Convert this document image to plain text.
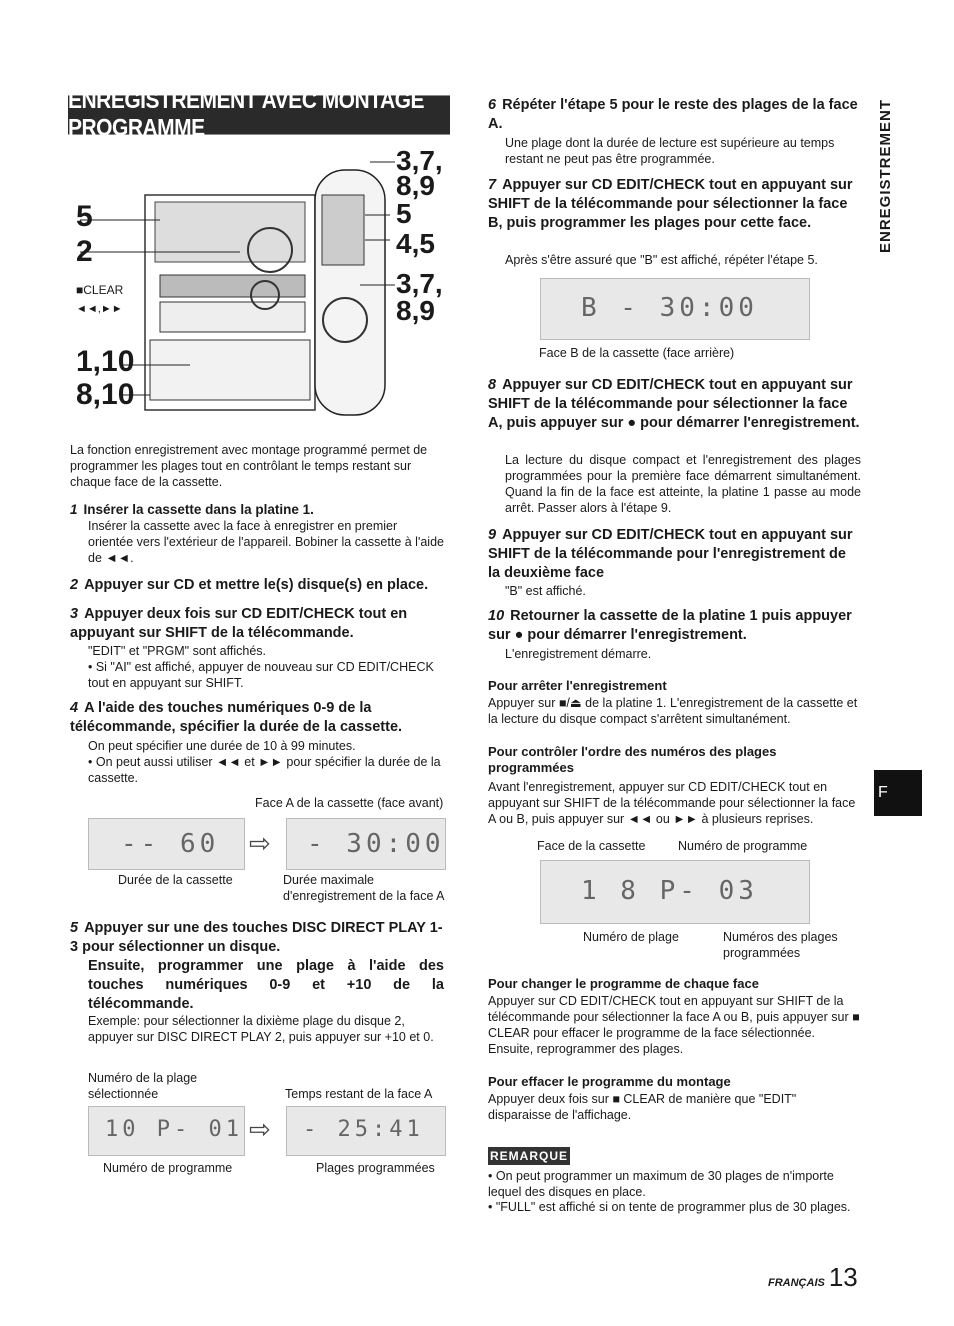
ENREGISTREMENT AVEC MONTAGE PROGRAMME
5
2
■CLEAR
◄◄,►►
1,10
8,10
3,7,
8,9
5
4,5
3,7,
8,9
La fonction enregistrement avec montage programmé permet de programmer les plages tout en contrôlant le temps restant sur chaque face de la cassette.
1 Insérer la cassette dans la platine 1.
Insérer la cassette avec la face à enregistrer en premier orientée vers l'extérieur de l'appareil. Bobiner la cassette à l'aide de ◄◄.
2 Appuyer sur CD et mettre le(s) disque(s) en place.
3 Appuyer deux fois sur CD EDIT/CHECK tout en appuyant sur SHIFT de la télécommande.
"EDIT" et "PRGM" sont affichés.
• Si "AI" est affiché, appuyer de nouveau sur CD EDIT/CHECK tout en appuyant sur SHIFT.
4 A l'aide des touches numériques 0-9 de la télécommande, spécifier la durée de la cassette.
On peut spécifier une durée de 10 à 99 minutes.
• On peut aussi utiliser ◄◄ et ►► pour spécifier la durée de la cassette.
Face A de la cassette (face avant)
-- 60 ⇨ - 30:00
Durée de la cassette	Durée maximale d'enregistrement de la face A
5 Appuyer sur une des touches DISC DIRECT PLAY 1-3 pour sélectionner un disque.
Ensuite, programmer une plage à l'aide des touches numériques 0-9 et +10 de la télécommande.
Exemple: pour sélectionner la dixième plage du disque 2, appuyer sur DISC DIRECT PLAY 2, puis appuyer sur +10 et 0.
Numéro de la plage sélectionnée	Temps restant de la face A
10 P- 01 ⇨ - 25:41
Numéro de programme	Plages programmées
6 Répéter l'étape 5 pour le reste des plages de la face A.
Une plage dont la durée de lecture est supérieure au temps restant ne peut pas être programmée.
7 Appuyer sur CD EDIT/CHECK tout en appuyant sur SHIFT de la télécommande pour sélectionner la face B, puis programmer les plages pour cette face.
Après s'être assuré que "B" est affiché, répéter l'étape 5.
B - 30:00
Face B de la cassette (face arrière)
8 Appuyer sur CD EDIT/CHECK tout en appuyant sur SHIFT de la télécommande pour sélectionner la face A, puis appuyer sur ● pour démarrer l'enregistrement.
La lecture du disque compact et l'enregistrement des plages programmées pour la première face démarrent simultanément. Quand la fin de la face est atteinte, la platine 1 passe au mode arrêt. Passer alors à l'étape 9.
9 Appuyer sur CD EDIT/CHECK tout en appuyant sur SHIFT de la télécommande pour l'enregistrement de la deuxième face
"B" est affiché.
10 Retourner la cassette de la platine 1 puis appuyer sur ● pour démarrer l'enregistrement.
L'enregistrement démarre.
Pour arrêter l'enregistrement
Appuyer sur ■/⏏ de la platine 1. L'enregistrement de la cassette et la lecture du disque compact s'arrêtent simultanément.
Pour contrôler l'ordre des numéros des plages programmées
Avant l'enregistrement, appuyer sur CD EDIT/CHECK tout en appuyant sur SHIFT de la télécommande pour sélectionner la face A ou B, puis appuyer sur ◄◄ ou ►► à plusieurs reprises.
Face de la cassette	Numéro de programme
1 8 P- 03
Numéro de plage	Numéros des plages programmées
Pour changer le programme de chaque face
Appuyer sur CD EDIT/CHECK tout en appuyant sur SHIFT de la télécommande pour sélectionner la face A ou B, puis appuyer sur ■ CLEAR pour effacer le programme de la face sélectionnée. Ensuite, reprogrammer des plages.
Pour effacer le programme du montage
Appuyer deux fois sur ■ CLEAR de manière que "EDIT" disparaisse de l'affichage.
REMARQUE
• On peut programmer un maximum de 30 plages de n'importe lequel des disques en place.
• "FULL" est affiché si on tente de programmer plus de 30 plages.
ENREGISTREMENT
F
FRANÇAIS 13
